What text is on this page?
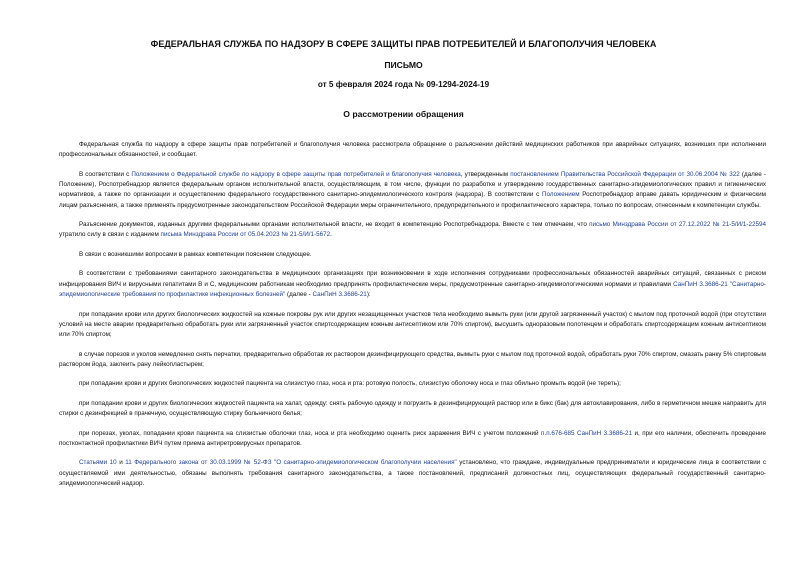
ФЕДЕРАЛЬНАЯ СЛУЖБА ПО НАДЗОРУ В СФЕРЕ ЗАЩИТЫ ПРАВ ПОТРЕБИТЕЛЕЙ И БЛАГОПОЛУЧИЯ ЧЕЛОВЕКА
ПИСЬМО
от 5 февраля 2024 года № 09-1294-2024-19
О рассмотрении обращения

Федеральная служба по надзору в сфере защиты прав потребителей и благополучия человека рассмотрела обращение о разъяснении действий медицинских работников при аварийных ситуациях, возникших при исполнении профессиональных обязанностей, и сообщает.

В соответствии с Положением о Федеральной службе по надзору в сфере защиты прав потребителей и благополучия человека, утвержденным постановлением Правительства Российской Федерации от 30.06.2004 № 322 (далее - Положение), Роспотребнадзор является федеральным органом исполнительной власти, осуществляющим, в том числе, функции по разработке и утверждению государственных санитарно-эпидемиологических правил и гигиенических нормативов, а также по организации и осуществлению федерального государственного санитарно-эпидемиологического контроля (надзора). В соответствии с Положением Роспотребнадзор вправе давать юридическим и физическим лицам разъяснения, а также применять предусмотренные законодательством Российской Федерации меры ограничительного, предупредительного и профилактического характера, только по вопросам, отнесенным к компетенции службы.

Разъяснение документов, изданных другими федеральными органами исполнительной власти, не входит в компетенцию Роспотребнадзора. Вместе с тем отмечаем, что письмо Минздрава России от 27.12.2022 № 21-5/И/1-22594 утратило силу в связи с изданием письма Минздрава России от 05.04.2023 № 21-5/И/1-5672.

В связи с возникшими вопросами в рамках компетенции поясняем следующее.

В соответствии с требованиями санитарного законодательства в медицинских организациях при возникновении в ходе исполнения сотрудниками профессиональных обязанностей аварийных ситуаций, связанных с риском инфицирования ВИЧ и вирусными гепатитами В и С, медицинским работникам необходимо предпринять профилактические меры, предусмотренные санитарно-эпидемиологическими нормами и правилами СанПиН 3.3686-21 "Санитарно-эпидемиологические требования по профилактике инфекционных болезней" (далее - СанПиН 3.3686-21):

при попадании крови или других биологических жидкостей на кожные покровы рук или других незащищенных участков тела необходимо вымыть руки (или другой загрязненный участок) с мылом под проточной водой (при отсутствии условий на месте аварии предварительно обработать руки или загрязненный участок спиртсодержащим кожным антисептиком или 70% спиртом), высушить одноразовым полотенцем и обработать спиртсодержащим кожным антисептиком или 70% спиртом;

в случае порезов и уколов немедленно снять перчатки, предварительно обработав их раствором дезинфицирующего средства, вымыть руки с мылом под проточной водой, обработать руки 70% спиртом, смазать ранку 5% спиртовым раствором йода, заклеить рану лейкопластырем;

при попадании крови и других биологических жидкостей пациента на слизистую глаз, носа и рта: ротовую полость, слизистую оболочку носа и глаз обильно промыть водой (не тереть);

при попадании крови и других биологических жидкостей пациента на халат, одежду: снять рабочую одежду и погрузить в дезинфицирующий раствор или в бикс (бак) для автоклавирования, либо в герметичном мешке направить для стирки с дезинфекцией в прачечную, осуществляющую стирку больничного белья;

при порезах, уколах, попадании крови пациента на слизистые оболочки глаз, носа и рта необходимо оценить риск заражения ВИЧ с учетом положений п.п.676-685 СанПиН 3.3686-21 и, при его наличии, обеспечить проведение постконтактной профилактики ВИЧ путем приема антиретровирусных препаратов.

Статьями 10 и 11 Федерального закона от 30.03.1999 № 52-ФЗ "О санитарно-эпидемиологическом благополучии населения" установлено, что граждане, индивидуальные предприниматели и юридические лица в соответствии с осуществляемой ими деятельностью, обязаны выполнять требования санитарного законодательства, а также постановлений, предписаний должностных лиц, осуществляющих федеральный государственный санитарно-эпидемиологический надзор.
